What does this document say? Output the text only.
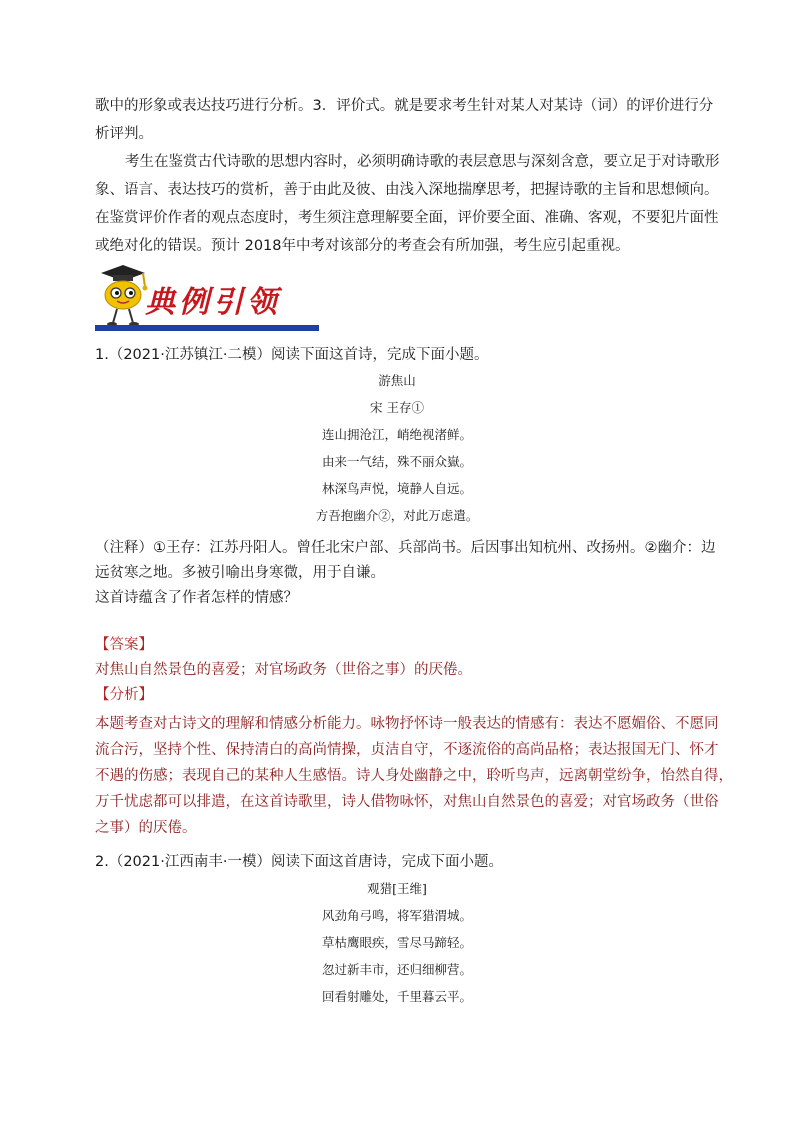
歌中的形象或表达技巧进行分析。3．评价式。就是要求考生针对某人对某诗（词）的评价进行分
析评判。
考生在鉴赏古代诗歌的思想内容时，必须明确诗歌的表层意思与深刻含意，要立足于对诗歌形
象、语言、表达技巧的赏析，善于由此及彼、由浅入深地揣摩思考，把握诗歌的主旨和思想倾向。
在鉴赏评价作者的观点态度时，考生须注意理解要全面，评价要全面、准确、客观，不要犯片面性
或绝对化的错误。预计 2018年中考对该部分的考查会有所加强，考生应引起重视。
典例引领
1.（2021·江苏镇江·二模）阅读下面这首诗，完成下面小题。
游焦山
宋 王存①
连山拥沧江，峭绝视渚鲜。
由来一气结，殊不丽众嶽。
林深鸟声悦，境静人自远。
方吾抱幽介②，对此万虑遣。
（注释）①王存：江苏丹阳人。曾任北宋户部、兵部尚书。后因事出知杭州、改扬州。②幽介：边
远贫寒之地。多被引喻出身寒微，用于自谦。
这首诗蕴含了作者怎样的情感？
【答案】
对焦山自然景色的喜爱；对官场政务（世俗之事）的厌倦。
【分析】
本题考查对古诗文的理解和情感分析能力。咏物抒怀诗一般表达的情感有：表达不愿媚俗、不愿同
流合污，坚持个性、保持清白的高尚情操，贞洁自守，不逐流俗的高尚品格；表达报国无门、怀才
不遇的伤感；表现自己的某种人生感悟。诗人身处幽静之中，聆听鸟声，远离朝堂纷争，怡然自得，
万千忧虑都可以排遣，在这首诗歌里，诗人借物咏怀，对焦山自然景色的喜爱；对官场政务（世俗
之事）的厌倦。
2.（2021·江西南丰·一模）阅读下面这首唐诗，完成下面小题。
观猎[王维]
风劲角弓鸣，将军猎渭城。
草枯鹰眼疾，雪尽马蹄轻。
忽过新丰市，还归细柳营。
回看射雕处，千里暮云平。
